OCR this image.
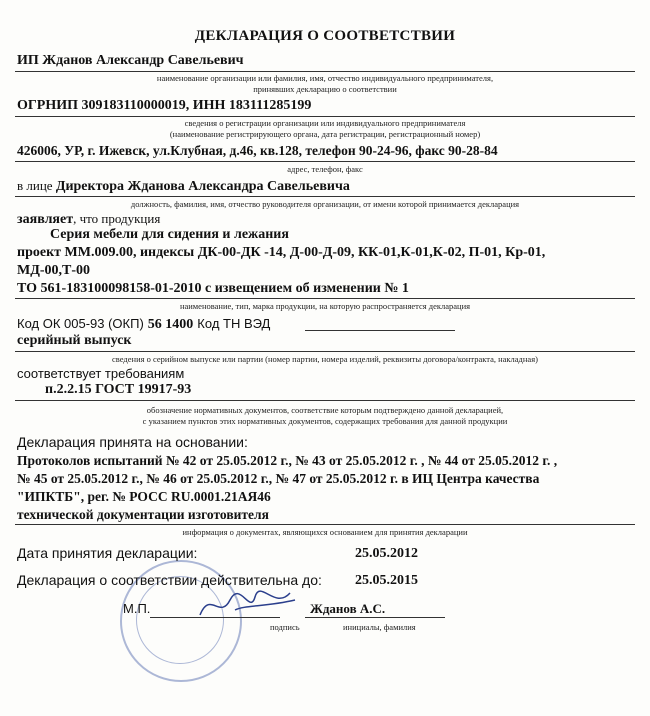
ДЕКЛАРАЦИЯ О СООТВЕТСТВИИ
ИП Жданов Александр Савельевич
наименование организации или фамилия, имя, отчество индивидуального предпринимателя,
принявших декларацию о соответствии
ОГРНИП 309183110000019, ИНН 183111285199
сведения о регистрации организации или индивидуального предпринимателя
(наименование регистрирующего органа, дата регистрации, регистрационный номер)
426006, УР, г. Ижевск, ул.Клубная, д.46, кв.128, телефон 90-24-96, факс 90-28-84
адрес, телефон, факс
в лице Директора Жданова Александра Савельевича
должность, фамилия, имя, отчество руководителя организации, от имени которой принимается декларация
заявляет, что продукция
Серия мебели для сидения и лежания
проект ММ.009.00, индексы ДК-00-ДК -14, Д-00-Д-09, КК-01,К-01,К-02, П-01, Кр-01,
МД-00,Т-00
ТО 561-183100098158-01-2010 с извещением об изменении № 1
наименование, тип, марка продукции, на которую распространяется декларация
Код ОК 005-93 (ОКП) 56 1400 Код ТН ВЭД
серийный выпуск
сведения о серийном выпуске или партии (номер партии, номера изделий, реквизиты договора/контракта, накладная)
соответствует требованиям
п.2.2.15 ГОСТ 19917-93
обозначение нормативных документов, соответствие которым подтверждено данной декларацией,
с указанием пунктов этих нормативных документов, содержащих требования для данной продукции
Декларация принята на основании:
Протоколов испытаний № 42 от 25.05.2012 г., № 43 от 25.05.2012 г. , № 44 от 25.05.2012 г. ,
№ 45 от 25.05.2012 г., № 46 от 25.05.2012 г., № 47 от 25.05.2012 г. в ИЦ Центра качества
"ИПКТБ", рег. № РОСС RU.0001.21АЯ46
технической документации изготовителя
информация о документах, являющихся основанием для принятия декларации
Дата принятия декларации:	25.05.2012
Декларация о соответствии действительна до: 25.05.2015
М.П.	Жданов А.С.
подпись	инициалы, фамилия
